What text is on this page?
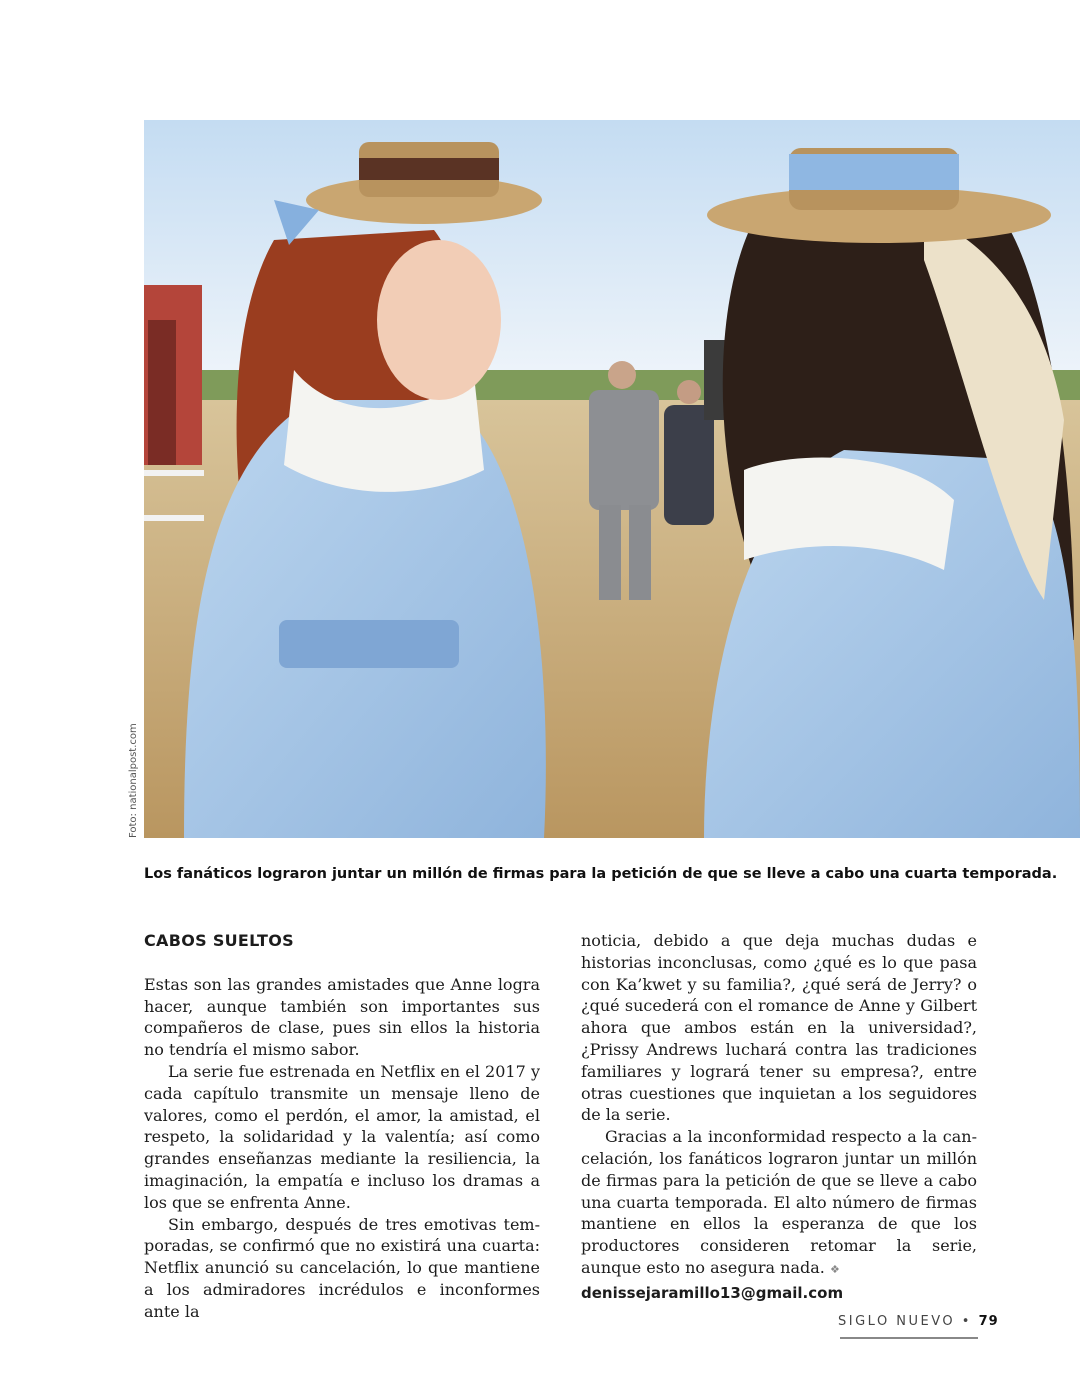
Foto: nationalpost.com
Los fanáticos lograron juntar un millón de firmas para la petición de que se lleve a cabo una cuarta temporada.
CABOS SUELTOS

Estas son las grandes amistades que Anne logra hacer, aunque también son importantes sus compañeros de clase, pues sin ellos la historia no tendría el mismo sabor.

La serie fue estrenada en Netflix en el 2017 y cada capítulo transmite un mensaje lleno de valores, como el perdón, el amor, la amistad, el respeto, la solidaridad y la valentía; así como grandes enseñanzas mediante la resiliencia, la imaginación, la empatía e incluso los dramas a los que se enfrenta Anne.

Sin embargo, después de tres emotivas temporadas, se confirmó que no existirá una cuarta: Netflix anunció su cancelación, lo que mantiene a los admiradores incrédulos e inconformes ante la

noticia, debido a que deja muchas dudas e historias inconclusas, como ¿qué es lo que pasa con Ka’kwet y su familia?, ¿qué será de Jerry? o ¿qué sucederá con el romance de Anne y Gilbert ahora que ambos están en la universidad?, ¿Prissy Andrews luchará contra las tradiciones familiares y logrará tener su empresa?, entre otras cuestiones que inquietan a los seguidores de la serie.

Gracias a la inconformidad respecto a la cancelación, los fanáticos lograron juntar un millón de firmas para la petición de que se lleve a cabo una cuarta temporada. El alto número de firmas mantiene en ellos la esperanza de que los productores consideren retomar la serie, aunque esto no asegura nada. ❖

denissejaramillo13@gmail.com
SIGLO NUEVO • 79
